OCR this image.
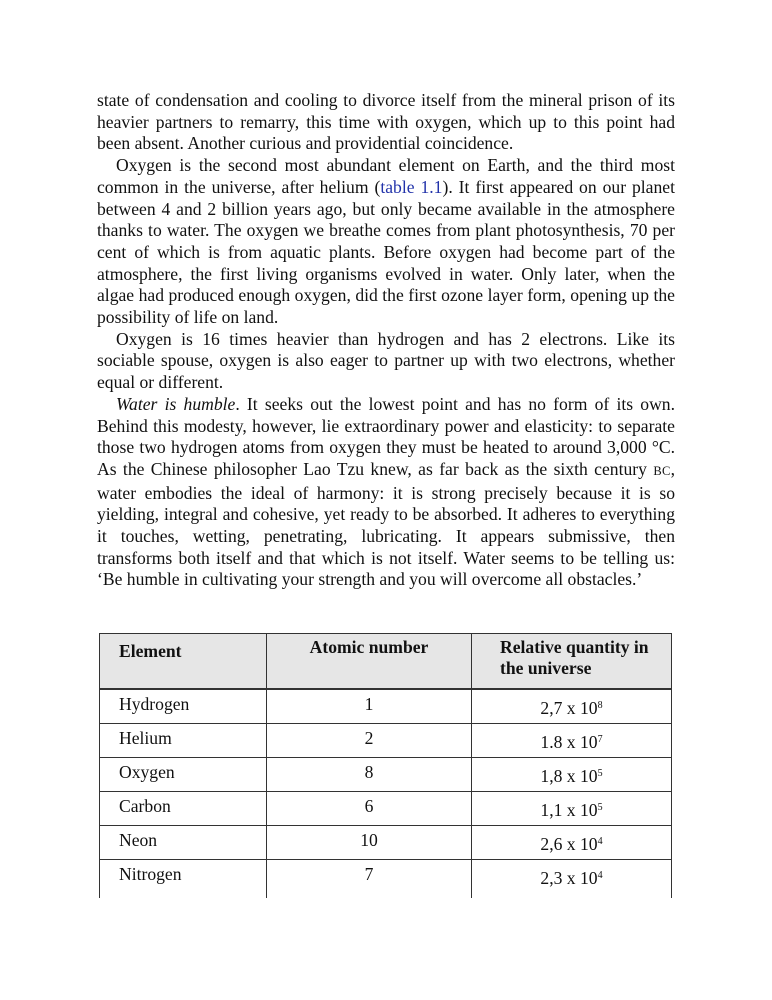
state of condensation and cooling to divorce itself from the mineral prison of its heavier partners to remarry, this time with oxygen, which up to this point had been absent. Another curious and providential coincidence.

Oxygen is the second most abundant element on Earth, and the third most common in the universe, after helium (table 1.1). It first appeared on our planet between 4 and 2 billion years ago, but only became available in the atmosphere thanks to water. The oxygen we breathe comes from plant photosynthesis, 70 per cent of which is from aquatic plants. Before oxygen had become part of the atmosphere, the first living organisms evolved in water. Only later, when the algae had produced enough oxygen, did the first ozone layer form, opening up the possibility of life on land.

Oxygen is 16 times heavier than hydrogen and has 2 electrons. Like its sociable spouse, oxygen is also eager to partner up with two electrons, whether equal or different.

Water is humble. It seeks out the lowest point and has no form of its own. Behind this modesty, however, lie extraordinary power and elasticity: to separate those two hydrogen atoms from oxygen they must be heated to around 3,000 °C. As the Chinese philosopher Lao Tzu knew, as far back as the sixth century BC, water embodies the ideal of harmony: it is strong precisely because it is so yielding, integral and cohesive, yet ready to be absorbed. It adheres to everything it touches, wetting, penetrating, lubricating. It appears submissive, then transforms both itself and that which is not itself. Water seems to be telling us: ‘Be humble in cultivating your strength and you will overcome all obstacles.’

Element	Atomic number	Relative quantity in the universe
Hydrogen	1	2,7 x $10^8$
Helium	2	1.8 x $10^7$
Oxygen	8	1,8 x $10^5$
Carbon	6	1,1 x $10^5$
Neon	10	2,6 x $10^4$
Nitrogen	7	2,3 x $10^4$
